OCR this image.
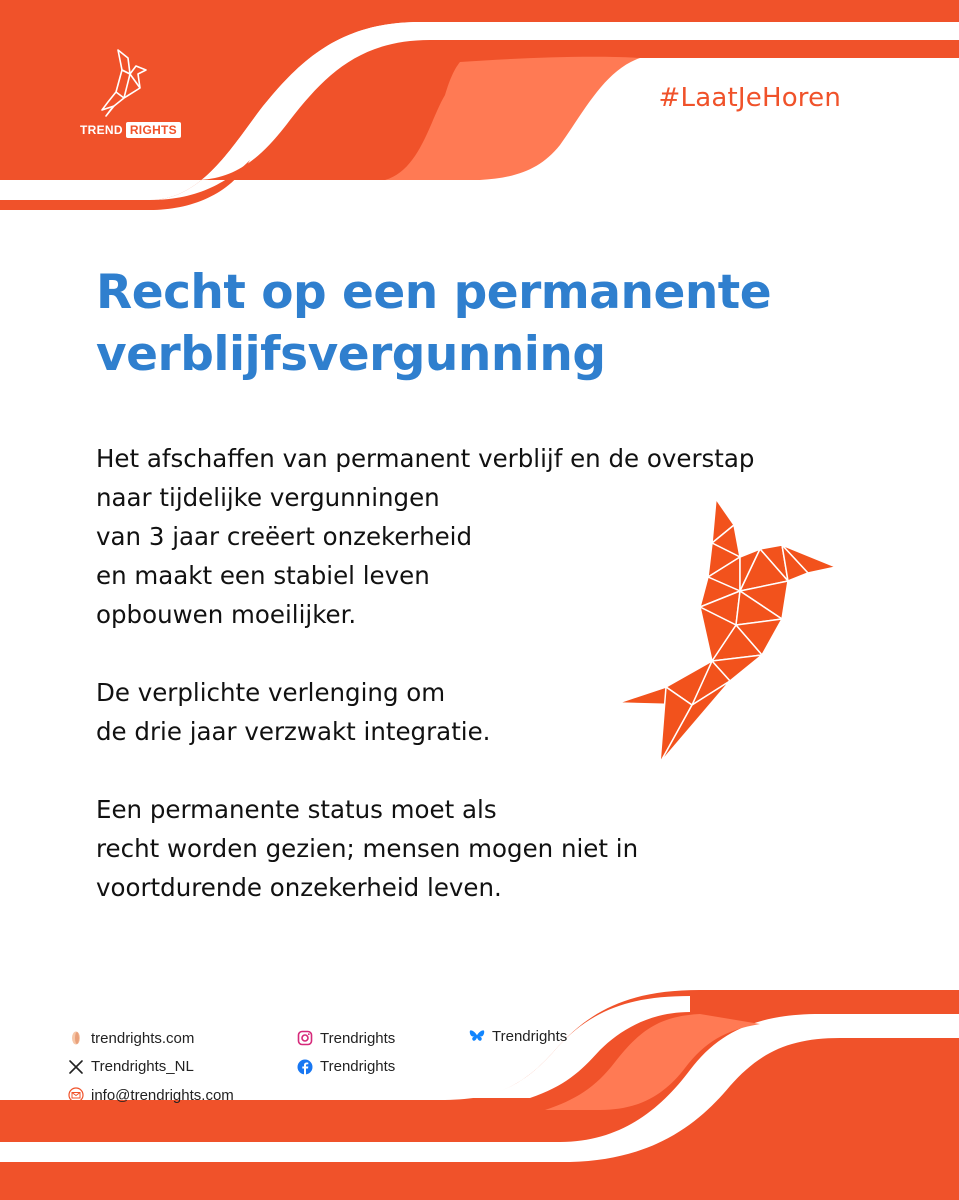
TREND RIGHTS
#LaatJeHoren
Recht op een permanente
verblijfsvergunning

Het afschaffen van permanent verblijf en de overstap
naar tijdelijke vergunningen
van 3 jaar creëert onzekerheid
en maakt een stabiel leven
opbouwen moeilijker.

De verplichte verlenging om
de drie jaar verzwakt integratie.

Een permanente status moet als
recht worden gezien; mensen mogen niet in
voortdurende onzekerheid leven.

trendrights.com
Trendrights_NL
info@trendrights.com
Trendrights
Trendrights
Trendrights
